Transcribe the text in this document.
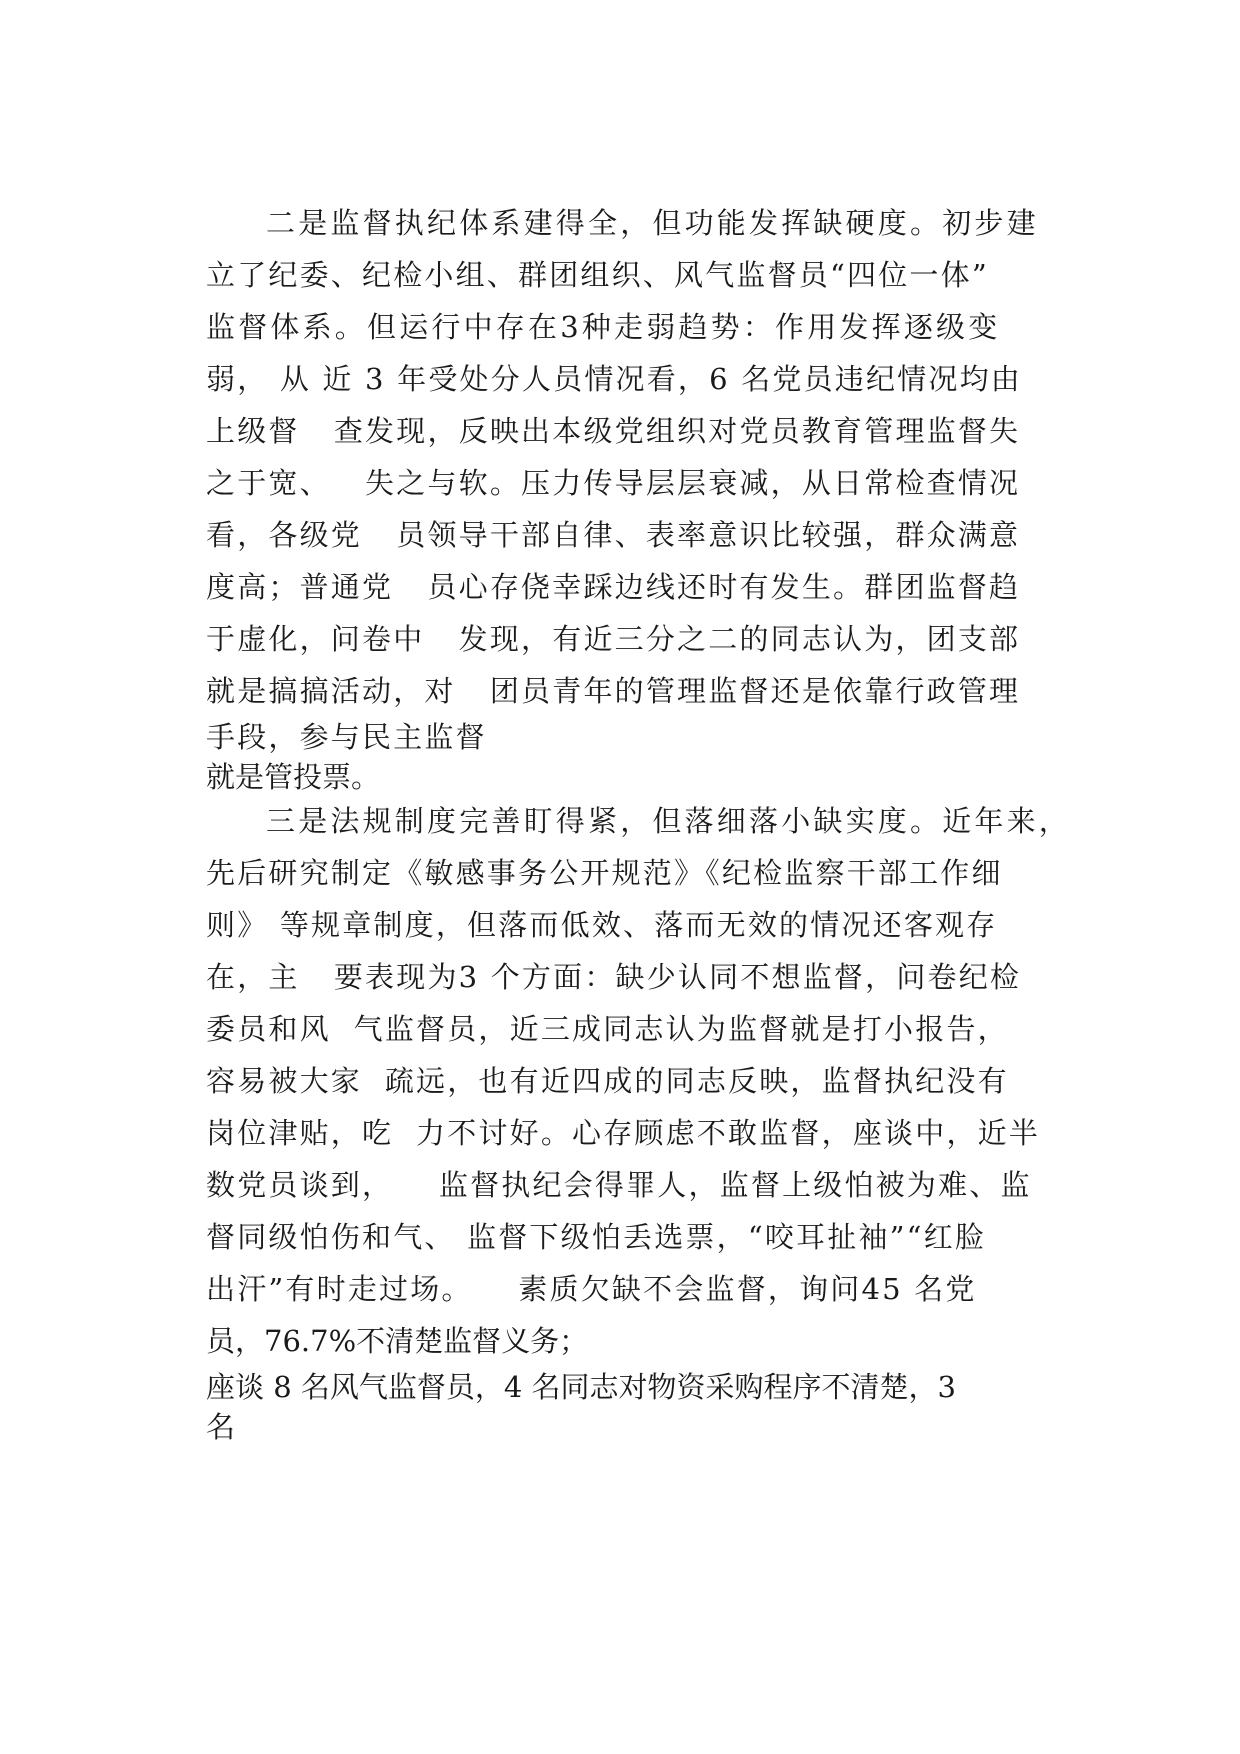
二是监督执纪体系建得全，但功能发挥缺硬度。初步建
立了纪委、纪检小组、群团组织、风气监督员“四位一体”
监督体系。但运行中存在3种走弱趋势：作用发挥逐级变
弱， 从 近 3 年受处分人员情况看，6 名党员违纪情况均由
上级督   查发现，反映出本级党组织对党员教育管理监督失
之于宽、   失之与软。压力传导层层衰减，从日常检查情况
看，各级党   员领导干部自律、表率意识比较强，群众满意
度高；普通党   员心存侥幸踩边线还时有发生。群团监督趋
于虚化，问卷中   发现，有近三分之二的同志认为，团支部
就是搞搞活动，对   团员青年的管理监督还是依靠行政管理
手段，参与民主监督
就是管投票。
三是法规制度完善盯得紧，但落细落小缺实度。近年来，
先后研究制定《敏感事务公开规范》《纪检监察干部工作细
则》 等规章制度，但落而低效、落而无效的情况还客观存
在，主   要表现为3 个方面：缺少认同不想监督，问卷纪检
委员和风  气监督员，近三成同志认为监督就是打小报告，
容易被大家  疏远，也有近四成的同志反映，监督执纪没有
岗位津贴，吃  力不讨好。心存顾虑不敢监督，座谈中，近半
数党员谈到，    监督执纪会得罪人，监督上级怕被为难、监
督同级怕伤和气、 监督下级怕丢选票，“咬耳扯袖”“红脸
出汗”有时走过场。    素质欠缺不会监督，询问45 名党
员，76.7%不清楚监督义务；
座谈 8 名风气监督员，4 名同志对物资采购程序不清楚，3
名
